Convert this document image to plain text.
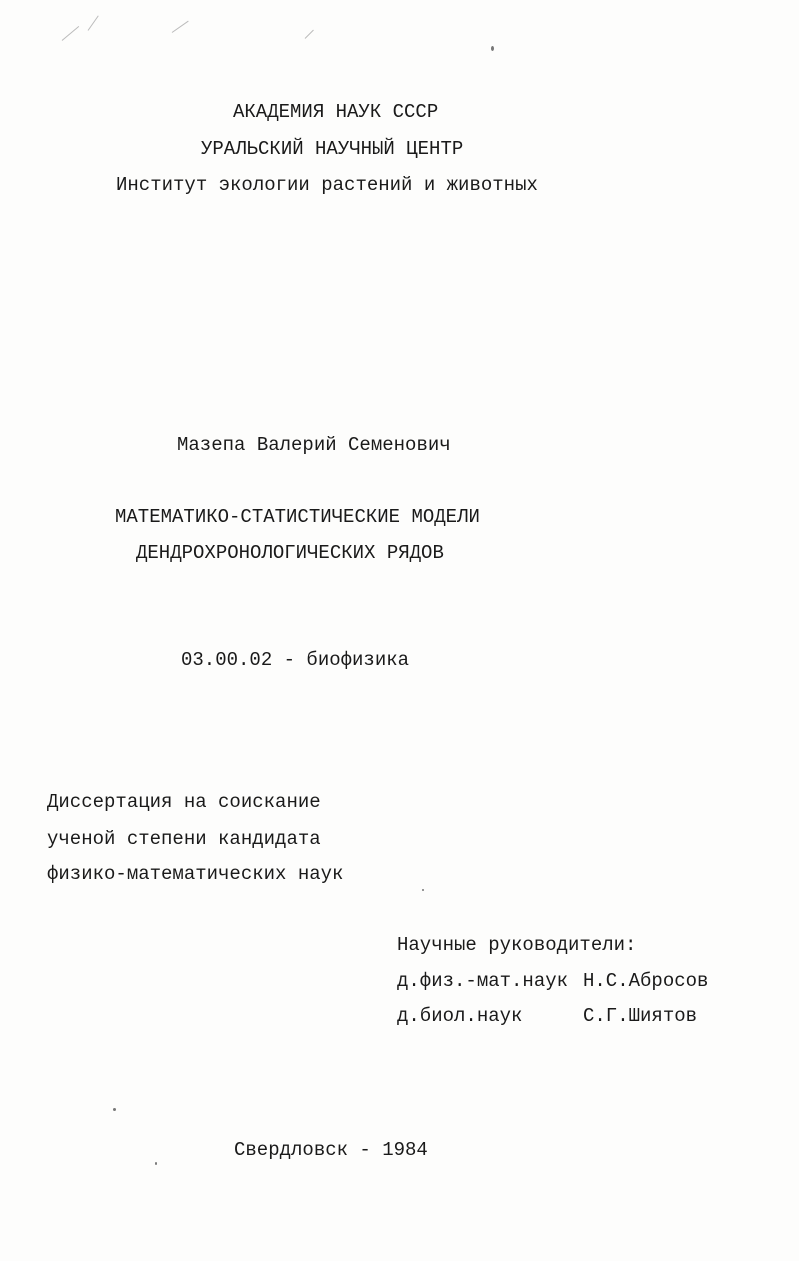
АКАДЕМИЯ НАУК СССР
УРАЛЬСКИЙ НАУЧНЫЙ ЦЕНТР
Институт экологии растений и животных
Мазепа Валерий Семенович
МАТЕМАТИКО-СТАТИСТИЧЕСКИЕ МОДЕЛИ
ДЕНДРОХРОНОЛОГИЧЕСКИХ РЯДОВ
03.00.02 - биофизика
Диссертация на соискание
ученой степени кандидата
физико-математических наук
Научные руководители:
д.физ.-мат.наук Н.С.Абросов
д.биол.наук	С.Г.Шиятов
Свердловск - 1984
